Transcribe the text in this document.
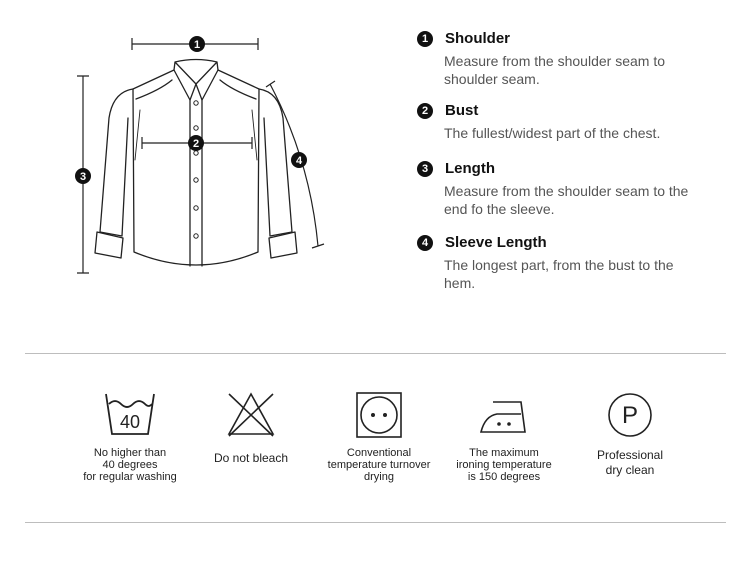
1
2
3
4
1	Shoulder
Measure from the shoulder seam to shoulder seam.
2	Bust
The fullest/widest part of the chest.
3	Length
Measure from the shoulder seam to the end fo the sleeve.
4	Sleeve Length
The longest part, from the bust to the hem.
40
No higher than
40 degrees
for regular washing
Do not bleach	Conventional
temperature turnover
drying
The maximum
ironing temperature
is 150 degrees
P
Professional
dry clean
